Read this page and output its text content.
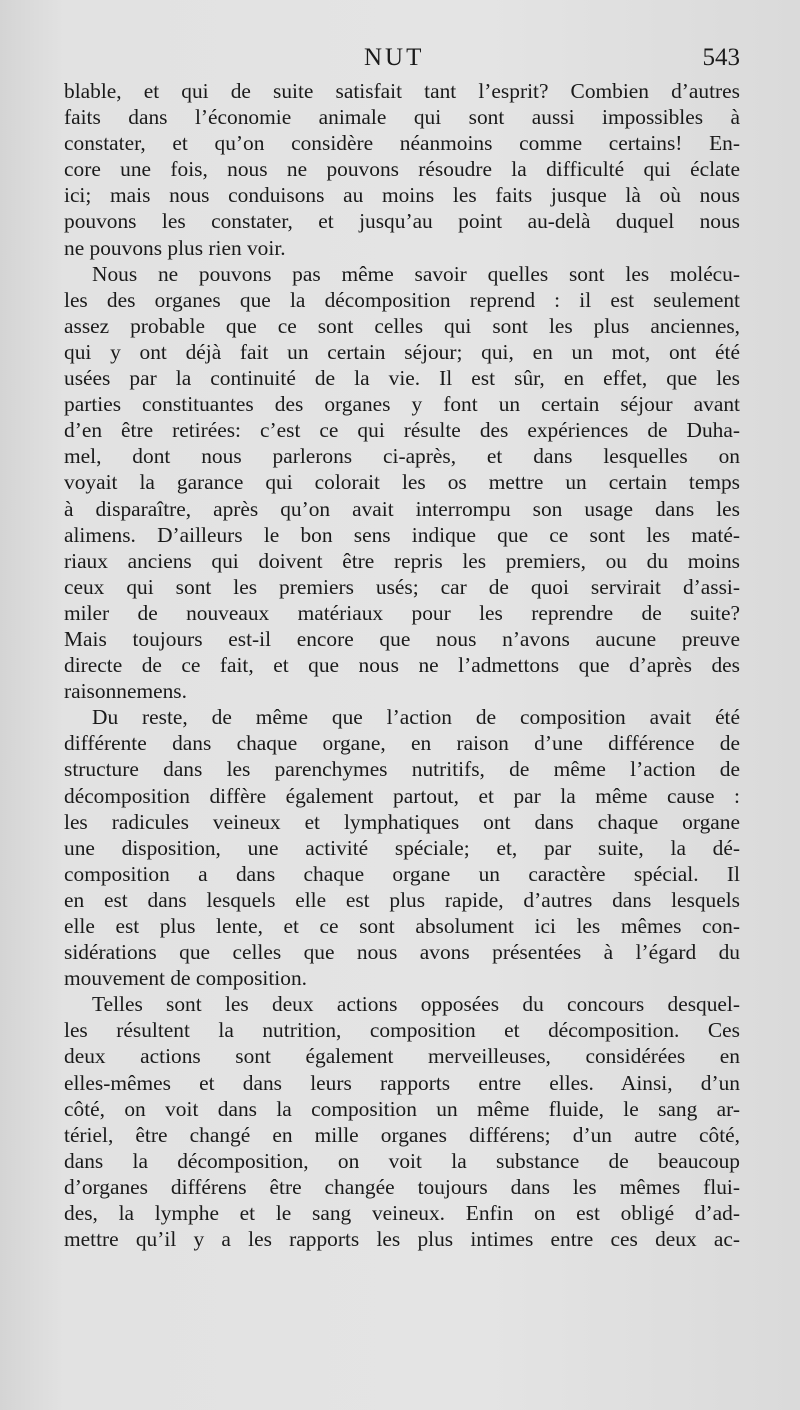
NUT	543
blable, et qui de suite satisfait tant l’esprit? Combien d’autres
faits dans l’économie animale qui sont aussi impossibles à
constater, et qu’on considère néanmoins comme certains! En-
core une fois, nous ne pouvons résoudre la difficulté qui éclate
ici; mais nous conduisons au moins les faits jusque là où nous
pouvons les constater, et jusqu’au point au-delà duquel nous
ne pouvons plus rien voir.
Nous ne pouvons pas même savoir quelles sont les molécu-
les des organes que la décomposition reprend : il est seulement
assez probable que ce sont celles qui sont les plus anciennes,
qui y ont déjà fait un certain séjour; qui, en un mot, ont été
usées par la continuité de la vie. Il est sûr, en effet, que les
parties constituantes des organes y font un certain séjour avant
d’en être retirées: c’est ce qui résulte des expériences de Duha-
mel, dont nous parlerons ci-après, et dans lesquelles on
voyait la garance qui colorait les os mettre un certain temps
à disparaître, après qu’on avait interrompu son usage dans les
alimens. D’ailleurs le bon sens indique que ce sont les maté-
riaux anciens qui doivent être repris les premiers, ou du moins
ceux qui sont les premiers usés; car de quoi servirait d’assi-
miler de nouveaux matériaux pour les reprendre de suite?
Mais toujours est-il encore que nous n’avons aucune preuve
directe de ce fait, et que nous ne l’admettons que d’après des
raisonnemens.
Du reste, de même que l’action de composition avait été
différente dans chaque organe, en raison d’une différence de
structure dans les parenchymes nutritifs, de même l’action de
décomposition diffère également partout, et par la même cause :
les radicules veineux et lymphatiques ont dans chaque organe
une disposition, une activité spéciale; et, par suite, la dé-
composition a dans chaque organe un caractère spécial. Il
en est dans lesquels elle est plus rapide, d’autres dans lesquels
elle est plus lente, et ce sont absolument ici les mêmes con-
sidérations que celles que nous avons présentées à l’égard du
mouvement de composition.
Telles sont les deux actions opposées du concours desquel-
les résultent la nutrition, composition et décomposition. Ces
deux actions sont également merveilleuses, considérées en
elles-mêmes et dans leurs rapports entre elles. Ainsi, d’un
côté, on voit dans la composition un même fluide, le sang ar-
tériel, être changé en mille organes différens; d’un autre côté,
dans la décomposition, on voit la substance de beaucoup
d’organes différens être changée toujours dans les mêmes flui-
des, la lymphe et le sang veineux. Enfin on est obligé d’ad-
mettre qu’il y a les rapports les plus intimes entre ces deux ac-
